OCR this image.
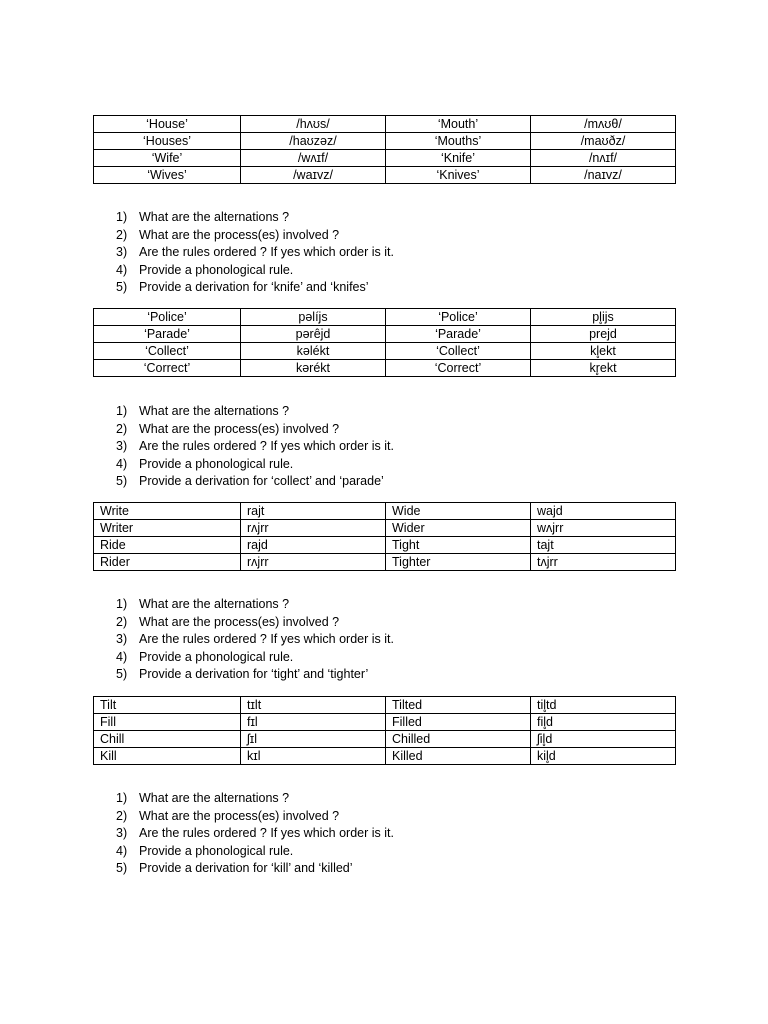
‘House’	/hʌʊs/	‘Mouth’	/mʌʊθ/
‘Houses’	/haʊzəz/	‘Mouths’	/maʊðz/
‘Wife’	/wʌɪf/	‘Knife’	/nʌɪf/
‘Wives’	/waɪvz/	‘Knives’	/naɪvz/
1) What are the alternations ?
2) What are the process(es) involved ?
3) Are the rules ordered ? If yes which order is it.
4) Provide a phonological rule.
5) Provide a derivation for ‘knife’ and ‘knifes’
‘Police’	pəlíjs	‘Police’	pl̥ijs
‘Parade’	pərêjd	‘Parade’	prejd
‘Collect’	kəlékt	‘Collect’	kl̥ekt
‘Correct’	kərékt	‘Correct’	kr̥ekt
1) What are the alternations ?
2) What are the process(es) involved ?
3) Are the rules ordered ? If yes which order is it.
4) Provide a phonological rule.
5) Provide a derivation for ‘collect’ and ‘parade’
Write	rajt	Wide	wajd
Writer	rʌjrr	Wider	wʌjrr
Ride	rajd	Tight	tajt
Rider	rʌjrr	Tighter	tʌjrr
1) What are the alternations ?
2) What are the process(es) involved ?
3) Are the rules ordered ? If yes which order is it.
4) Provide a phonological rule.
5) Provide a derivation for ‘tight’ and ‘tighter’
Tilt	tɪlt	Tilted	til̥td
Fill	fɪl	Filled	fil̥d
Chill	ʃɪl	Chilled	ʃil̥d
Kill	kɪl	Killed	kil̥d
1) What are the alternations ?
2) What are the process(es) involved ?
3) Are the rules ordered ? If yes which order is it.
4) Provide a phonological rule.
5) Provide a derivation for ‘kill’ and ‘killed’
